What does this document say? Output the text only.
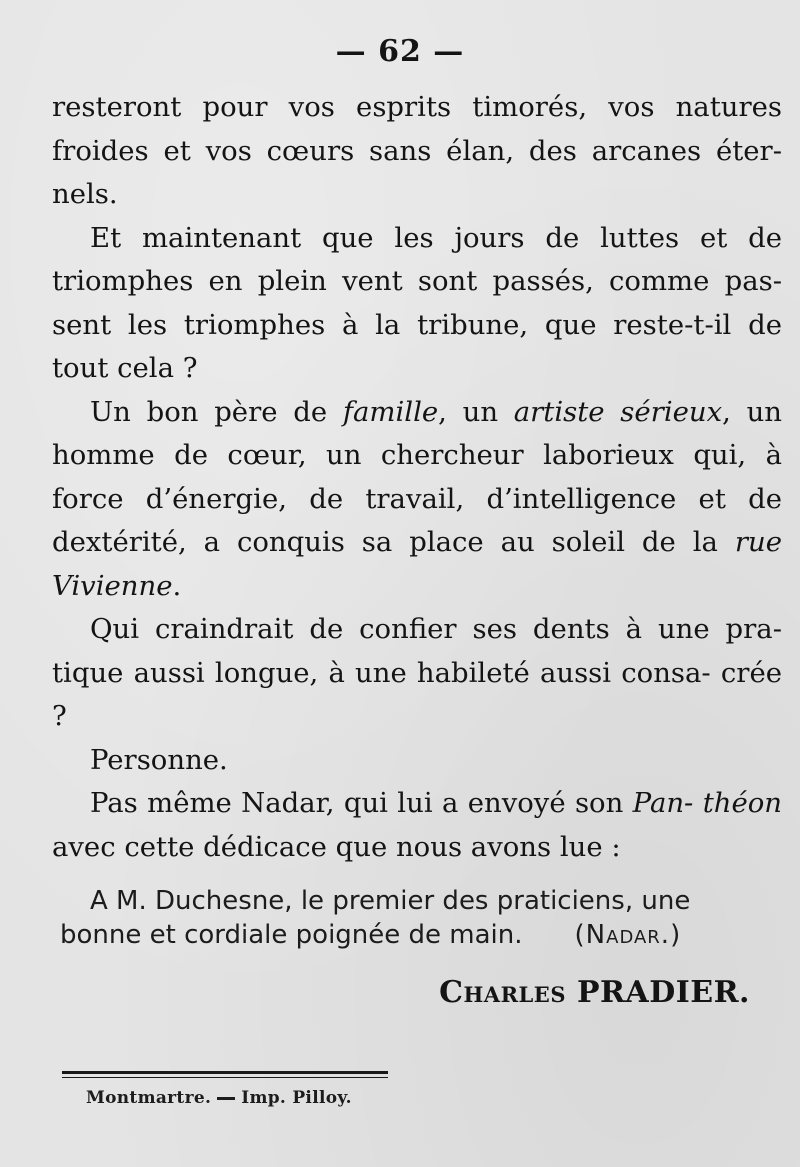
— 62 —

resteront pour vos esprits timorés, vos natures froides et vos cœurs sans élan, des arcanes éter- nels.

Et maintenant que les jours de luttes et de triomphes en plein vent sont passés, comme pas- sent les triomphes à la tribune, que reste-t-il de tout cela ?

Un bon père de famille, un artiste sérieux, un homme de cœur, un chercheur laborieux qui, à force d’énergie, de travail, d’intelligence et de dextérité, a conquis sa place au soleil de la rue Vivienne.

Qui craindrait de confier ses dents à une pra- tique aussi longue, à une habileté aussi consa- crée ?

Personne.

Pas même Nadar, qui lui a envoyé son Pan- théon avec cette dédicace que nous avons lue :

A M. Duchesne, le premier des praticiens, une
bonne et cordiale poignée de main. (Nadar.)
Charles PRADIER.
Montmartre. Imp. Pilloy.
